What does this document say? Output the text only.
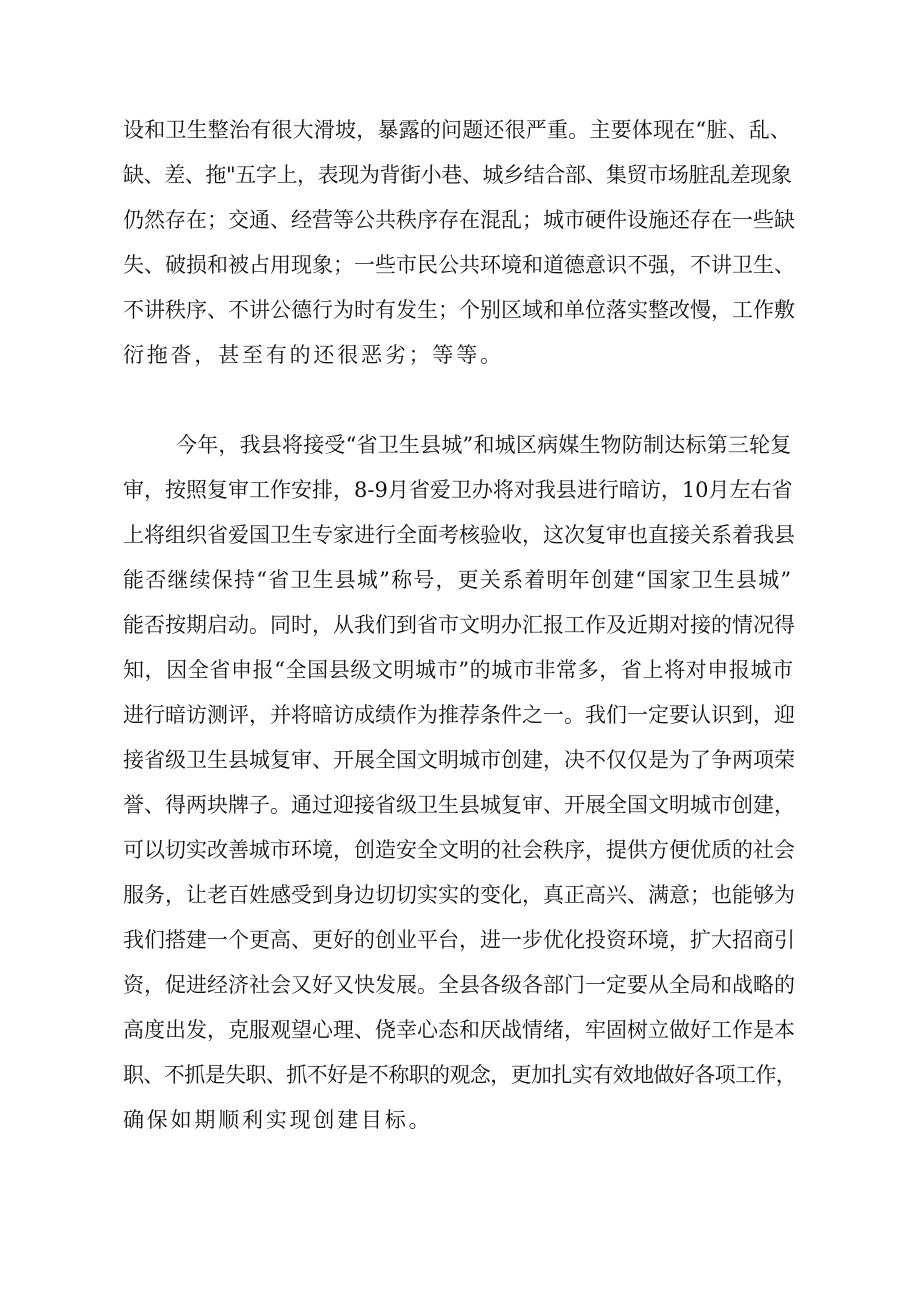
设和卫生整治有很大滑坡，暴露的问题还很严重。主要体现在“脏、乱、
缺、差、拖"五字上，表现为背街小巷、城乡结合部、集贸市场脏乱差现象
仍然存在；交通、经营等公共秩序存在混乱；城市硬件设施还存在一些缺
失、破损和被占用现象；一些市民公共环境和道德意识不强，不讲卫生、
不讲秩序、不讲公德行为时有发生；个别区域和单位落实整改慢，工作敷
衍拖沓，甚至有的还很恶劣；等等。
今年，我县将接受“省卫生县城”和城区病媒生物防制达标第三轮复
审，按照复审工作安排，8-9月省爱卫办将对我县进行暗访，10月左右省
上将组织省爱国卫生专家进行全面考核验收，这次复审也直接关系着我县
能否继续保持“省卫生县城”称号，更关系着明年创建“国家卫生县城”
能否按期启动。同时，从我们到省市文明办汇报工作及近期对接的情况得
知，因全省申报“全国县级文明城市”的城市非常多，省上将对申报城市
进行暗访测评，并将暗访成绩作为推荐条件之一。我们一定要认识到，迎
接省级卫生县城复审、开展全国文明城市创建，决不仅仅是为了争两项荣
誉、得两块牌子。通过迎接省级卫生县城复审、开展全国文明城市创建，
可以切实改善城市环境，创造安全文明的社会秩序，提供方便优质的社会
服务，让老百姓感受到身边切切实实的变化，真正高兴、满意；也能够为
我们搭建一个更高、更好的创业平台，进一步优化投资环境，扩大招商引
资，促进经济社会又好又快发展。全县各级各部门一定要从全局和战略的
高度出发，克服观望心理、侥幸心态和厌战情绪，牢固树立做好工作是本
职、不抓是失职、抓不好是不称职的观念，更加扎实有效地做好各项工作，
确保如期顺利实现创建目标。
